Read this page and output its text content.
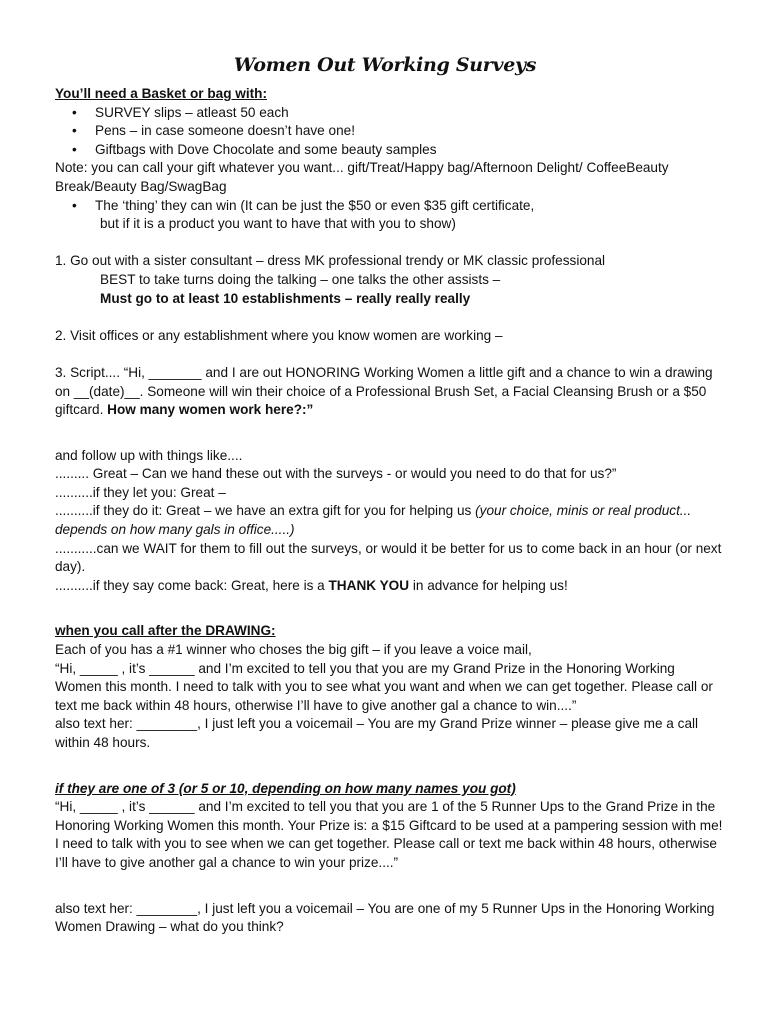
Women Out Working Surveys

You’ll need a Basket or bag with:

• SURVEY slips – atleast 50 each
• Pens – in case someone doesn’t have one!
• Giftbags with Dove Chocolate and some beauty samples

Note: you can call your gift whatever you want... gift/Treat/Happy bag/Afternoon Delight/ CoffeeBeauty Break/Beauty Bag/SwagBag

• The ‘thing’ they can win (It can be just the $50 or even $35 gift certificate,

but if it is a product you want to have that with you to show)

1. Go out with a sister consultant – dress MK professional trendy or MK classic professional

BEST to take turns doing the talking – one talks the other assists –

Must go to at least 10 establishments – really really really

2. Visit offices or any establishment where you know women are working –

3. Script.... “Hi, _______ and I are out HONORING Working Women a little gift and a chance to win a drawing on __(date)__. Someone will win their choice of a Professional Brush Set, a Facial Cleansing Brush or a $50 giftcard. How many women work here?:”

and follow up with things like....

......... Great – Can we hand these out with the surveys - or would you need to do that for us?”

..........if they let you: Great –

..........if they do it: Great – we have an extra gift for you for helping us (your choice, minis or real product... depends on how many gals in office.....)

...........can we WAIT for them to fill out the surveys, or would it be better for us to come back in an hour (or next day).

..........if they say come back: Great, here is a THANK YOU in advance for helping us!

when you call after the DRAWING:

Each of you has a #1 winner who choses the big gift – if you leave a voice mail,

“Hi, _____ , it’s ______ and I’m excited to tell you that you are my Grand Prize in the Honoring Working Women this month. I need to talk with you to see what you want and when we can get together. Please call or text me back within 48 hours, otherwise I’ll have to give another gal a chance to win....”

also text her: ________, I just left you a voicemail – You are my Grand Prize winner – please give me a call within 48 hours.

if they are one of 3 (or 5 or 10, depending on how many names you got)

“Hi, _____ , it’s ______ and I’m excited to tell you that you are 1 of the 5 Runner Ups to the Grand Prize in the Honoring Working Women this month. Your Prize is: a $15 Giftcard to be used at a pampering session with me! I need to talk with you to see when we can get together. Please call or text me back within 48 hours, otherwise I’ll have to give another gal a chance to win your prize....”

also text her: ________, I just left you a voicemail – You are one of my 5 Runner Ups in the Honoring Working Women Drawing – what do you think?
